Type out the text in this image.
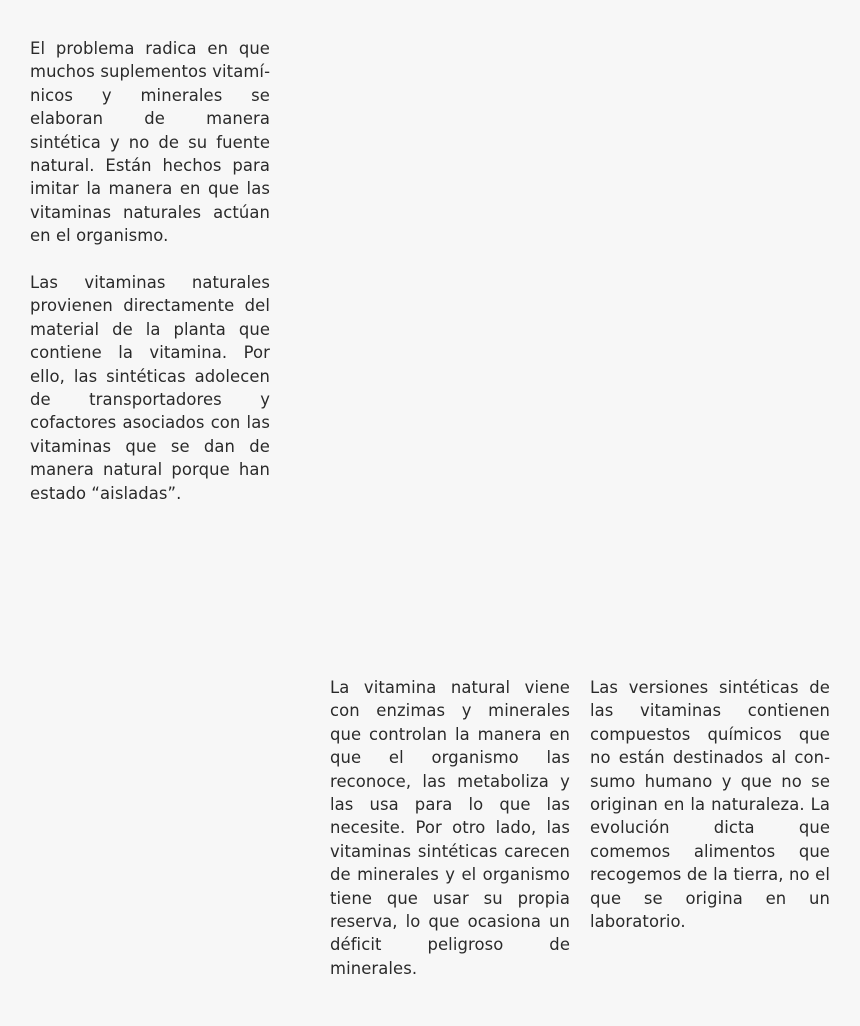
El problema radica en que muchos suplementos vitamínicos y minerales se elaboran de manera sintética y no de su fuente natural. Están hechos para imitar la manera en que las vitaminas naturales actúan en el organismo.

Las vitaminas naturales provienen directamente del material de la planta que contiene la vitamina. Por ello, las sintéticas adolecen de transportadores y cofactores asociados con las vitaminas que se dan de manera natural porque han estado “aisladas”.

La vitamina natural viene con enzimas y minerales que controlan la manera en que el organismo las reconoce, las metaboliza y las usa para lo que las necesite. Por otro lado, las vitaminas sintéticas carecen de minerales y el organismo tiene que usar su propia reserva, lo que ocasiona un déficit peligroso de minerales.

Las versiones sintéticas de las vitaminas contienen compuestos químicos que no están destinados al consumo humano y que no se originan en la naturaleza. La evolución dicta que comemos alimentos que recogemos de la tierra, no el que se origina en un laboratorio.
